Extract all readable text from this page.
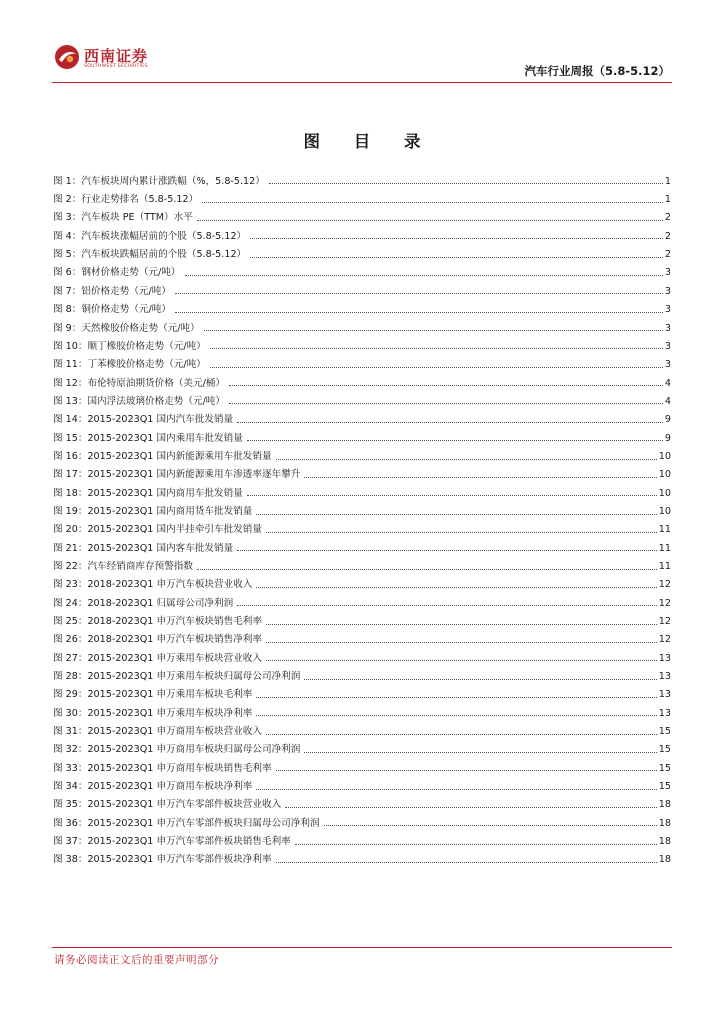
西南证券
SOUTHWEST SECURITIES	汽车行业周报（5.8-5.12）
图 目 录
图 1：汽车板块周内累计涨跌幅（%，5.8-5.12）	1
图 2：行业走势排名（5.8-5.12）	1
图 3：汽车板块 PE（TTM）水平	2
图 4：汽车板块涨幅居前的个股（5.8-5.12）	2
图 5：汽车板块跌幅居前的个股（5.8-5.12）	2
图 6：钢材价格走势（元/吨）	3
图 7：铝价格走势（元/吨）	3
图 8：铜价格走势（元/吨）	3
图 9：天然橡胶价格走势（元/吨）	3
图 10：顺丁橡胶价格走势（元/吨）	3
图 11：丁苯橡胶价格走势（元/吨）	3
图 12：布伦特原油期货价格（美元/桶）	4
图 13：国内浮法玻璃价格走势（元/吨）	4
图 14：2015-2023Q1 国内汽车批发销量	9
图 15：2015-2023Q1 国内乘用车批发销量	9
图 16：2015-2023Q1 国内新能源乘用车批发销量	10
图 17：2015-2023Q1 国内新能源乘用车渗透率逐年攀升	10
图 18：2015-2023Q1 国内商用车批发销量	10
图 19：2015-2023Q1 国内商用货车批发销量	10
图 20：2015-2023Q1 国内半挂牵引车批发销量	11
图 21：2015-2023Q1 国内客车批发销量	11
图 22：汽车经销商库存预警指数	11
图 23：2018-2023Q1 申万汽车板块营业收入	12
图 24：2018-2023Q1 归属母公司净利润	12
图 25：2018-2023Q1 申万汽车板块销售毛利率	12
图 26：2018-2023Q1 申万汽车板块销售净利率	12
图 27：2015-2023Q1 申万乘用车板块营业收入	13
图 28：2015-2023Q1 申万乘用车板块归属母公司净利润	13
图 29：2015-2023Q1 申万乘用车板块毛利率	13
图 30：2015-2023Q1 申万乘用车板块净利率	13
图 31：2015-2023Q1 申万商用车板块营业收入	15
图 32：2015-2023Q1 申万商用车板块归属母公司净利润	15
图 33：2015-2023Q1 申万商用车板块销售毛利率	15
图 34：2015-2023Q1 申万商用车板块净利率	15
图 35：2015-2023Q1 申万汽车零部件板块营业收入	18
图 36：2015-2023Q1 申万汽车零部件板块归属母公司净利润	18
图 37：2015-2023Q1 申万汽车零部件板块销售毛利率	18
图 38：2015-2023Q1 申万汽车零部件板块净利率	18
请务必阅读正文后的重要声明部分
